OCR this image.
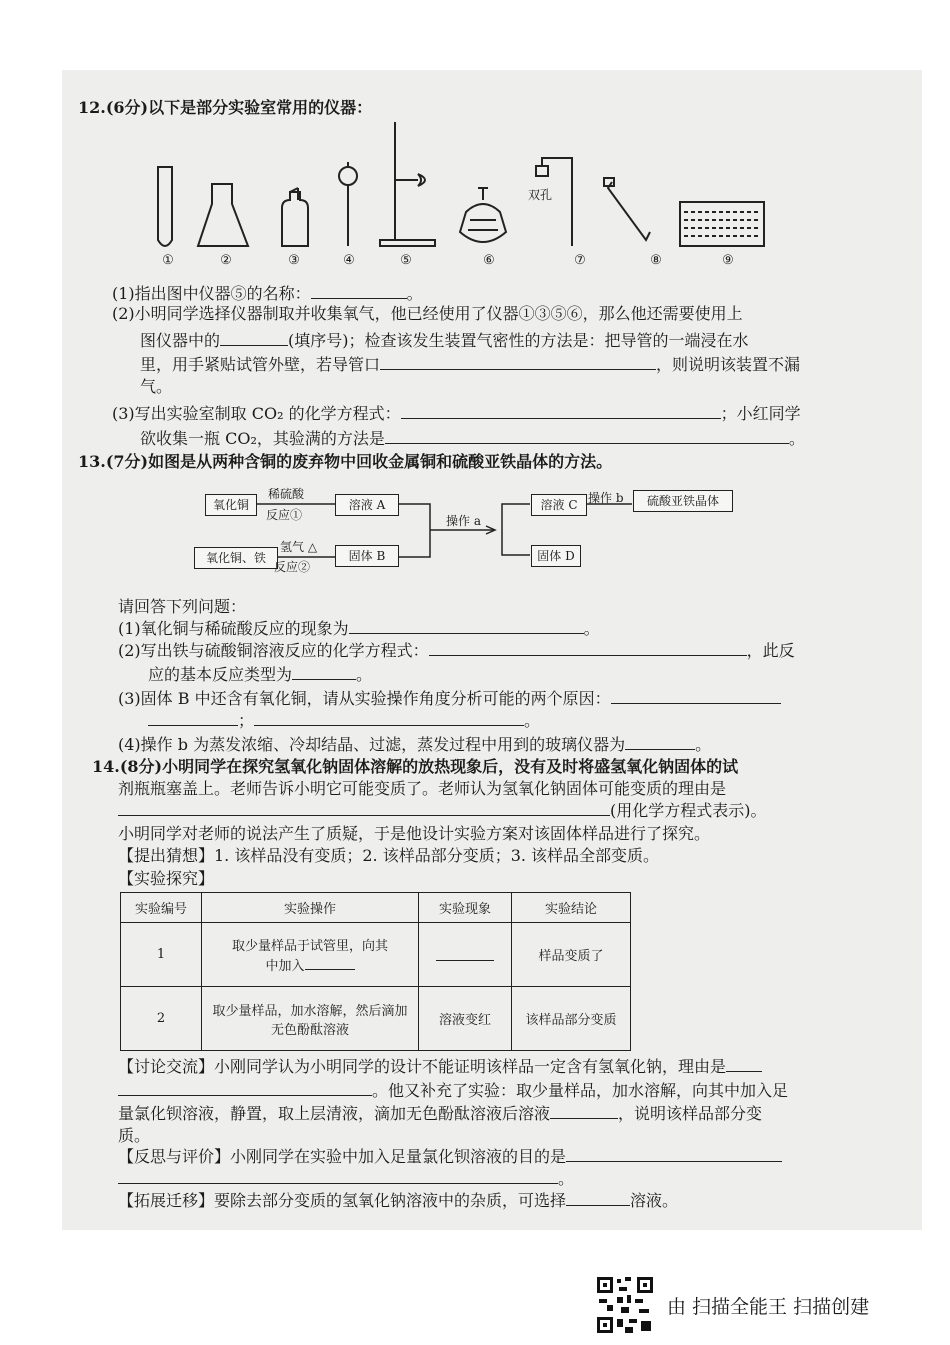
12.(6分)以下是部分实验室常用的仪器：
双孔
①	②	③	④	⑤	⑥	⑦	⑧	⑨
(1)指出图中仪器⑤的名称：	。
(2)小明同学选择仪器制取并收集氧气，他已经使用了仪器①③⑤⑥，那么他还需要使用上
图仪器中的	(填序号)；检查该发生装置气密性的方法是：把导管的一端浸在水
里，用手紧贴试管外壁，若导管口	，则说明该装置不漏
气。
(3)写出实验室制取 CO₂ 的化学方程式：	；小红同学
欲收集一瓶 CO₂，其验满的方法是	。
13.(7分)如图是从两种含铜的废弃物中回收金属铜和硫酸亚铁晶体的方法。
氧化铜
稀硫酸
反应①
溶液 A
氧化铜、铁
氢气 △
反应②
固体 B
操作 a
溶液 C 操作 b	硫酸亚铁晶体
固体 D
请回答下列问题：
(1)氧化铜与稀硫酸反应的现象为	。
(2)写出铁与硫酸铜溶液反应的化学方程式：	，此反
应的基本反应类型为	。
(3)固体 B 中还含有氧化铜，请从实验操作角度分析可能的两个原因：
；	。
(4)操作 b 为蒸发浓缩、冷却结晶、过滤，蒸发过程中用到的玻璃仪器为	。
14.(8分)小明同学在探究氢氧化钠固体溶解的放热现象后，没有及时将盛氢氧化钠固体的试
剂瓶瓶塞盖上。老师告诉小明它可能变质了。老师认为氢氧化钠固体可能变质的理由是
(用化学方程式表示)。
小明同学对老师的说法产生了质疑，于是他设计实验方案对该固体样品进行了探究。
【提出猜想】1. 该样品没有变质；2. 该样品部分变质；3. 该样品全部变质。
【实验探究】
实验编号	实验操作	实验现象	实验结论
1	取少量样品于试管里，向其
中加入		样品变质了
2	取少量样品，加水溶解，然后滴加
无色酚酞溶液	溶液变红	该样品部分变质
【讨论交流】小刚同学认为小明同学的设计不能证明该样品一定含有氢氧化钠，理由是
。他又补充了实验：取少量样品，加水溶解，向其中加入足
量氯化钡溶液，静置，取上层清液，滴加无色酚酞溶液后溶液	，说明该样品部分变
质。
【反思与评价】小刚同学在实验中加入足量氯化钡溶液的目的是
。
【拓展迁移】要除去部分变质的氢氧化钠溶液中的杂质，可选择	溶液。
由 扫描全能王 扫描创建
